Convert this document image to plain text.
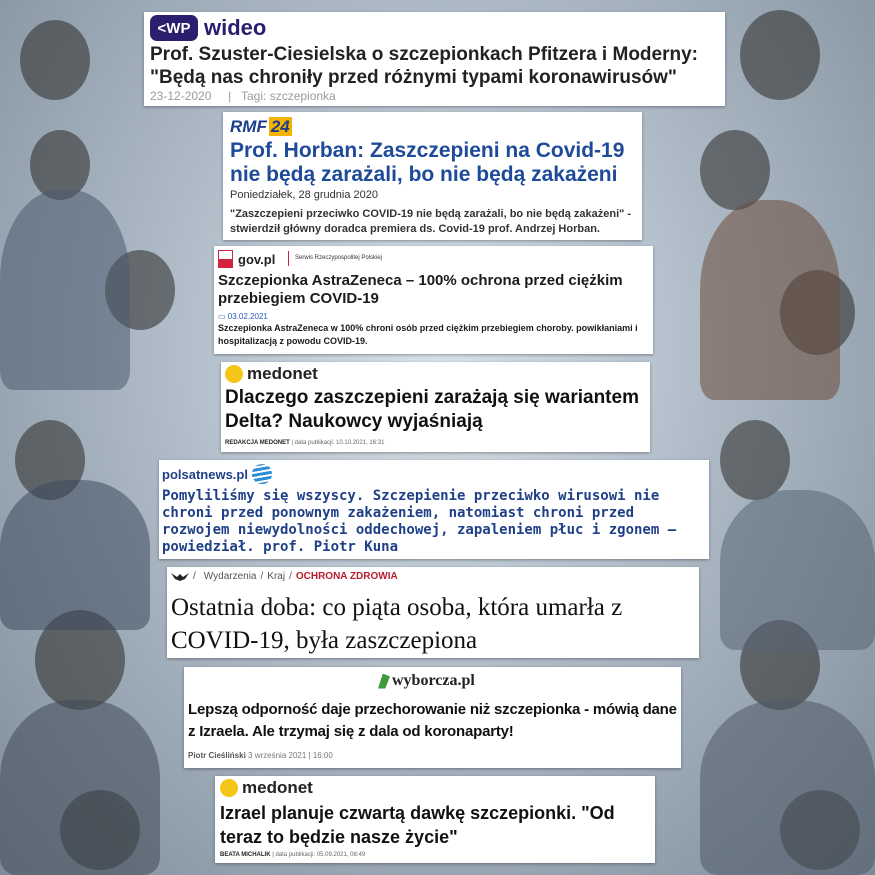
<WP wideo
Prof. Szuster-Ciesielska o szczepionkach Pfitzera i Moderny: "Będą nas chroniły przed różnymi typami koronawirusów"
23-12-2020 | Tagi: szczepionka
RMF 24
Prof. Horban: Zaszczepieni na Covid-19 nie będą zarażali, bo nie będą zakażeni
Poniedziałek, 28 grudnia 2020
"Zaszczepieni przeciwko COVID-19 nie będą zarażali, bo nie będą zakażeni" - stwierdził główny doradca premiera ds. Covid-19 prof. Andrzej Horban.
gov.pl	Serwis Rzeczypospolitej Polskiej
Szczepionka AstraZeneca – 100% ochrona przed ciężkim przebiegiem COVID-19
▭ 03.02.2021
Szczepionka AstraZeneca w 100% chroni osób przed ciężkim przebiegiem choroby. powikłaniami i hospitalizacją z powodu COVID-19.
medonet
Dlaczego zaszczepieni zarażają się wariantem Delta? Naukowcy wyjaśniają
REDAKCJA MEDONET | data publikacji: 10.10.2021, 16:31
polsatnews.pl
Pomyliliśmy się wszyscy. Szczepienie przeciwko wirusowi nie chroni przed ponownym zakażeniem, natomiast chroni przed rozwojem niewydolności oddechowej, zapaleniem płuc i zgonem – powiedział. prof. Piotr Kuna
/ Wydarzenia / Kraj / OCHRONA ZDROWIA
Ostatnia doba: co piąta osoba, która umarła z COVID-19, była zaszczepiona
wyborcza.pl
Lepszą odporność daje przechorowanie niż szczepionka - mówią dane z Izraela. Ale trzymaj się z dala od koronaparty!
Piotr Cieśliński 3 września 2021 | 16:00
medonet
Izrael planuje czwartą dawkę szczepionki. "Od teraz to będzie nasze życie"
BEATA MICHALIK | data publikacji: 05.09.2021, 08:49
